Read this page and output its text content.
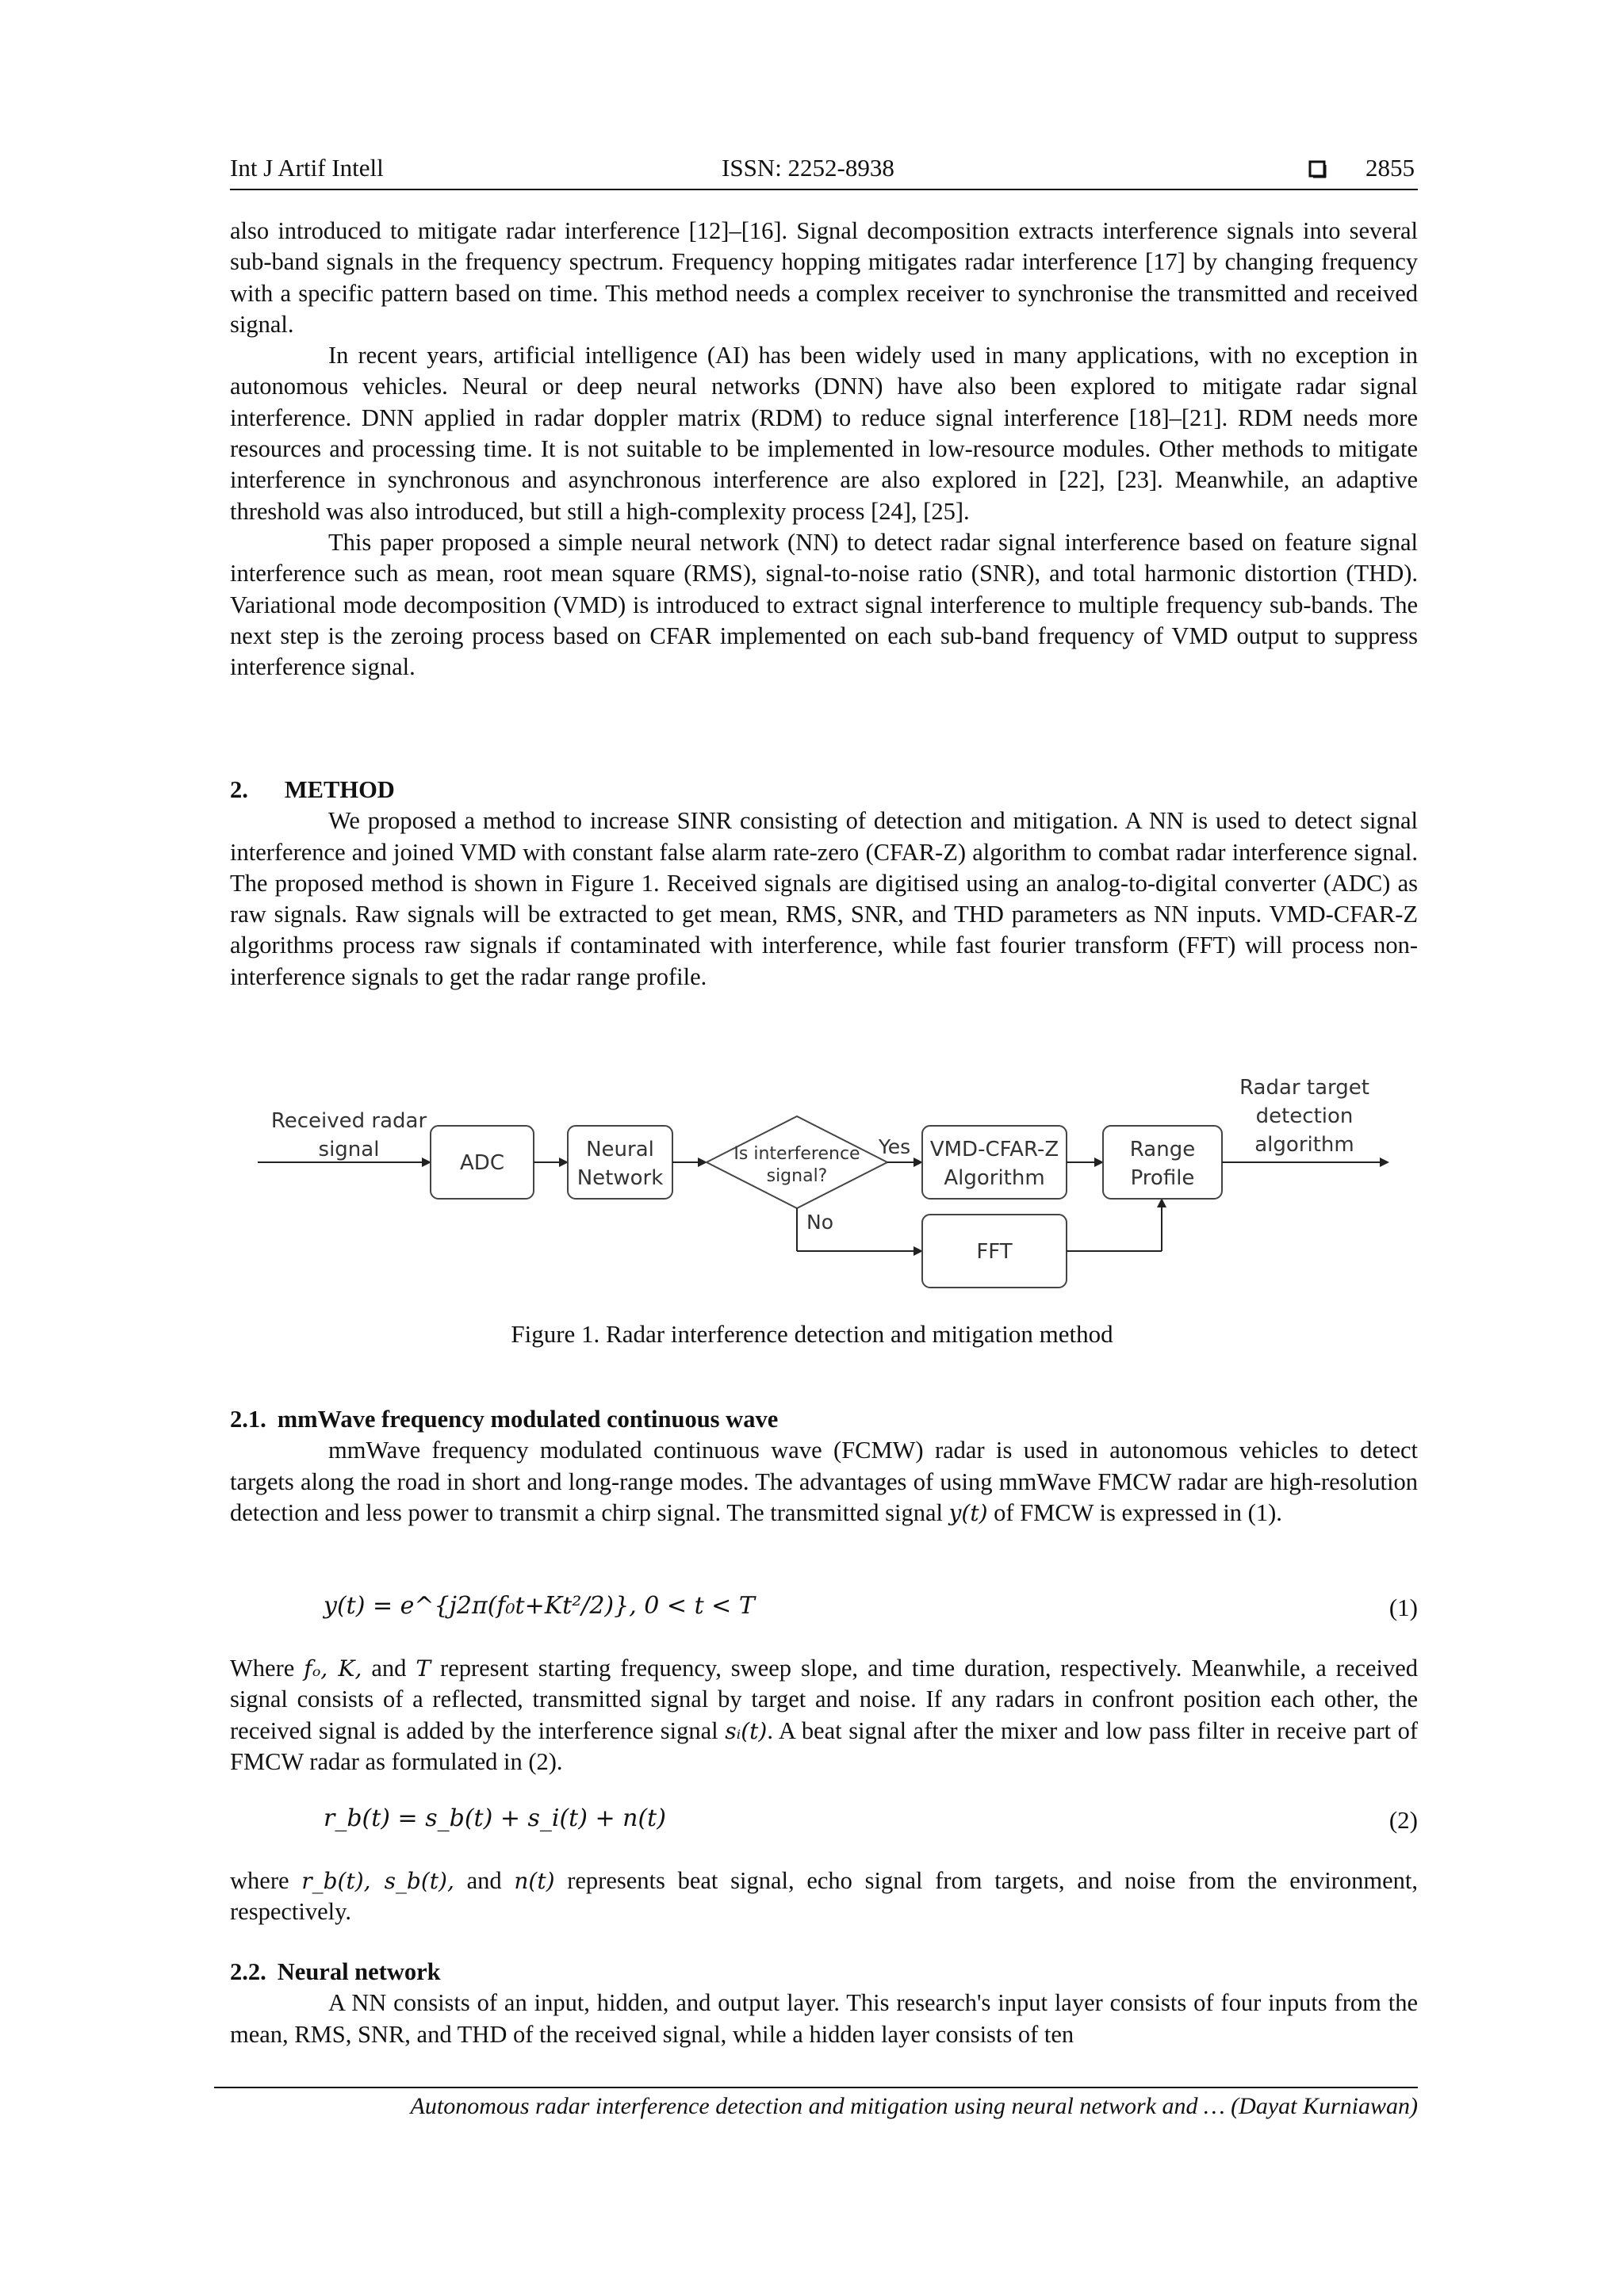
Int J Artif Intell	ISSN: 2252-8938	2855

also introduced to mitigate radar interference [12]–[16]. Signal decomposition extracts interference signals into several sub-band signals in the frequency spectrum. Frequency hopping mitigates radar interference [17] by changing frequency with a specific pattern based on time. This method needs a complex receiver to synchronise the transmitted and received signal.

In recent years, artificial intelligence (AI) has been widely used in many applications, with no exception in autonomous vehicles. Neural or deep neural networks (DNN) have also been explored to mitigate radar signal interference. DNN applied in radar doppler matrix (RDM) to reduce signal interference [18]–[21]. RDM needs more resources and processing time. It is not suitable to be implemented in low-resource modules. Other methods to mitigate interference in synchronous and asynchronous interference are also explored in [22], [23]. Meanwhile, an adaptive threshold was also introduced, but still a high-complexity process [24], [25].

This paper proposed a simple neural network (NN) to detect radar signal interference based on feature signal interference such as mean, root mean square (RMS), signal-to-noise ratio (SNR), and total harmonic distortion (THD). Variational mode decomposition (VMD) is introduced to extract signal interference to multiple frequency sub-bands. The next step is the zeroing process based on CFAR implemented on each sub-band frequency of VMD output to suppress interference signal.

2. METHOD

We proposed a method to increase SINR consisting of detection and mitigation. A NN is used to detect signal interference and joined VMD with constant false alarm rate-zero (CFAR-Z) algorithm to combat radar interference signal. The proposed method is shown in Figure 1. Received signals are digitised using an analog-to-digital converter (ADC) as raw signals. Raw signals will be extracted to get mean, RMS, SNR, and THD parameters as NN inputs. VMD-CFAR-Z algorithms process raw signals if contaminated with interference, while fast fourier transform (FFT) will process non-interference signals to get the radar range profile.

Received radar
signal
ADC
Neural
Network
Is interference
signal?
Yes VMD-CFAR-Z
Algorithm
No
FFT
Range
Profile
Radar target
detection
algorithm
Figure 1. Radar interference detection and mitigation method
2.1. mmWave frequency modulated continuous wave

mmWave frequency modulated continuous wave (FCMW) radar is used in autonomous vehicles to detect targets along the road in short and long-range modes. The advantages of using mmWave FMCW radar are high-resolution detection and less power to transmit a chirp signal. The transmitted signal y(t) of FMCW is expressed in (1).

y(t) = e^{j2π(f₀t+Kt²/2)}, 0 < t < T	(1)

Where fₒ, K, and T represent starting frequency, sweep slope, and time duration, respectively. Meanwhile, a received signal consists of a reflected, transmitted signal by target and noise. If any radars in confront position each other, the received signal is added by the interference signal sᵢ(t). A beat signal after the mixer and low pass filter in receive part of FMCW radar as formulated in (2).

r_b(t) = s_b(t) + s_i(t) + n(t)	(2)

where r_b(t), s_b(t), and n(t) represents beat signal, echo signal from targets, and noise from the environment, respectively.

2.2. Neural network

A NN consists of an input, hidden, and output layer. This research's input layer consists of four inputs from the mean, RMS, SNR, and THD of the received signal, while a hidden layer consists of ten

Autonomous radar interference detection and mitigation using neural network and … (Dayat Kurniawan)
